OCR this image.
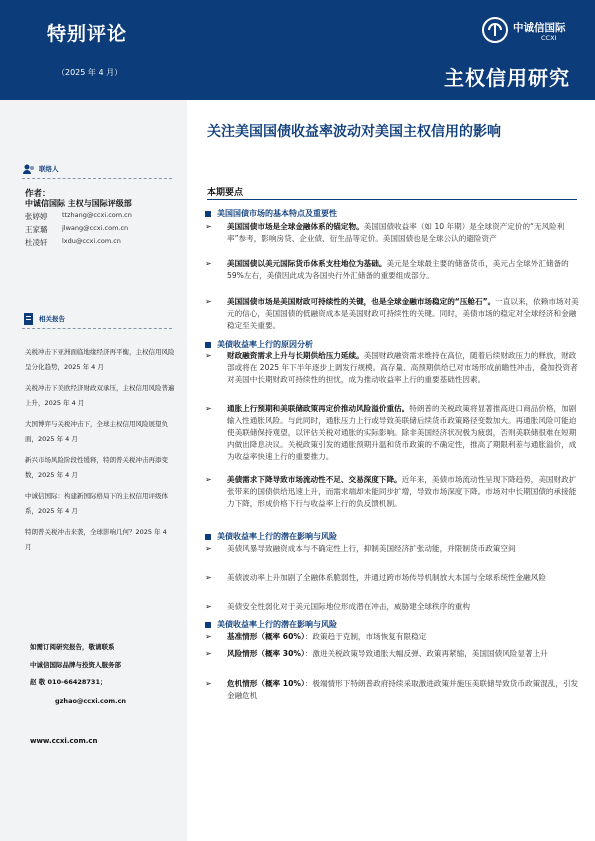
特别评论
（2025 年 4 月）
中诚信国际
CCXI
主权信用研究
联络人
作者：
中诚信国际 主权与国际评级部
张婷婷 ttzhang@ccxi.com.cn
王家璐 jlwang@ccxi.com.cn
杜凌轩 lxdu@ccxi.com.cn
相关报告
关税冲击下亚洲面临地缘经济再平衡，主权信用风险呈分化趋势，2025 年 4 月
关税冲击下美欧经济财政双承压，主权信用风险普遍上升，2025 年 4 月
大国博弈与关税冲击下，全球主权信用风险展望负面，2025 年 4 月
新兴市场风险阶段性缓释，特朗普关税冲击再添变数，2025 年 4 月
中诚信国际：构建新国际格局下的主权信用评级体系，2025 年 4 月
特朗普关税冲击来袭，全球影响几何？2025 年 4 月
如需订阅研究报告，敬请联系
中诚信国际品牌与投资人服务部
赵 敬 010-66428731；
gzhao@ccxi.com.cn
www.ccxi.com.cn
关注美国国债收益率波动对美国主权信用的影响
本期要点
美国国债市场的基本特点及重要性
➢ 美国国债市场是全球金融体系的锚定物。美国国债收益率（如 10 年期）是全球资产定价的“无风险利率”参考，影响房贷、企业债、衍生品等定价。美国国债也是全球公认的避险资产
➢ 美国国债以美元国际货币体系支柱地位为基础。美元是全球最主要的储备货币，美元占全球外汇储备的 59%左右，美债因此成为各国央行外汇储备的重要组成部分。
➢ 美国国债市场是美国财政可持续性的关键，也是全球金融市场稳定的“压舱石”。一直以来，依赖市场对美元的信心，美国国债的低融资成本是美国财政可持续性的关键。同时，美债市场的稳定对全球经济和金融稳定至关重要。
美债收益率上行的原因分析
➢ 财政融资需求上升与长期供给压力延续。美国财政融资需求维持在高位，随着后续财政压力的释放，财政部或将在 2025 年下半年逐步上调发行规模。高存量、高预期供给已对市场形成前瞻性冲击，叠加投资者对美国中长期财政可持续性的担忧，成为推动收益率上行的重要基础性因素。
➢ 通胀上行预期和美联储政策再定价推动风险溢价重估。特朗普的关税政策将显著推高进口商品价格，加剧输入性通胀风险。与此同时，通胀压力上行或导致美联储后续货币政策路径变数加大。再通胀风险可能迫使美联储保持观望，以评估关税对通胀的实际影响。除非美国经济状况极为疲弱，否则美联储很难在短期内做出降息决议。关税政策引发的通胀预期升温和货币政策的不确定性，推高了期限利差与通胀溢价，成为收益率快速上行的重要推力。
➢ 美债需求下降导致市场流动性不足、交易深度下降。近年来，美债市场流动性呈现下降趋势，美国财政扩张带来的国债供给迅速上升，而需求端却未能同步扩增，导致市场深度下降。市场对中长期国债的承接能力下降，形成价格下行与收益率上行的负反馈机制。
美债收益率上行的潜在影响与风险
➢ 美债风暴导致融资成本与不确定性上行，抑制美国经济扩张动能，并限制货币政策空间
➢ 美债波动率上升加剧了全融体系脆弱性，并通过跨市场传导机制放大本国与全球系统性金融风险
➢ 美债安全性弱化对于美元国际地位形成潜在冲击，威胁建全球秩序的重构
美债收益率上行的潜在影响与风险
➢ 基准情形（概率 60%）：政策趋于克制，市场恢复有限稳定
➢ 风险情形（概率 30%）：激进关税政策导致通胀大幅反弹、政策再紧缩，美国国债风险显著上升
➢ 危机情形（概率 10%）：极端情形下特朗普政府持续采取激进政策并施压美联储导致货币政策混乱，引发金融危机
